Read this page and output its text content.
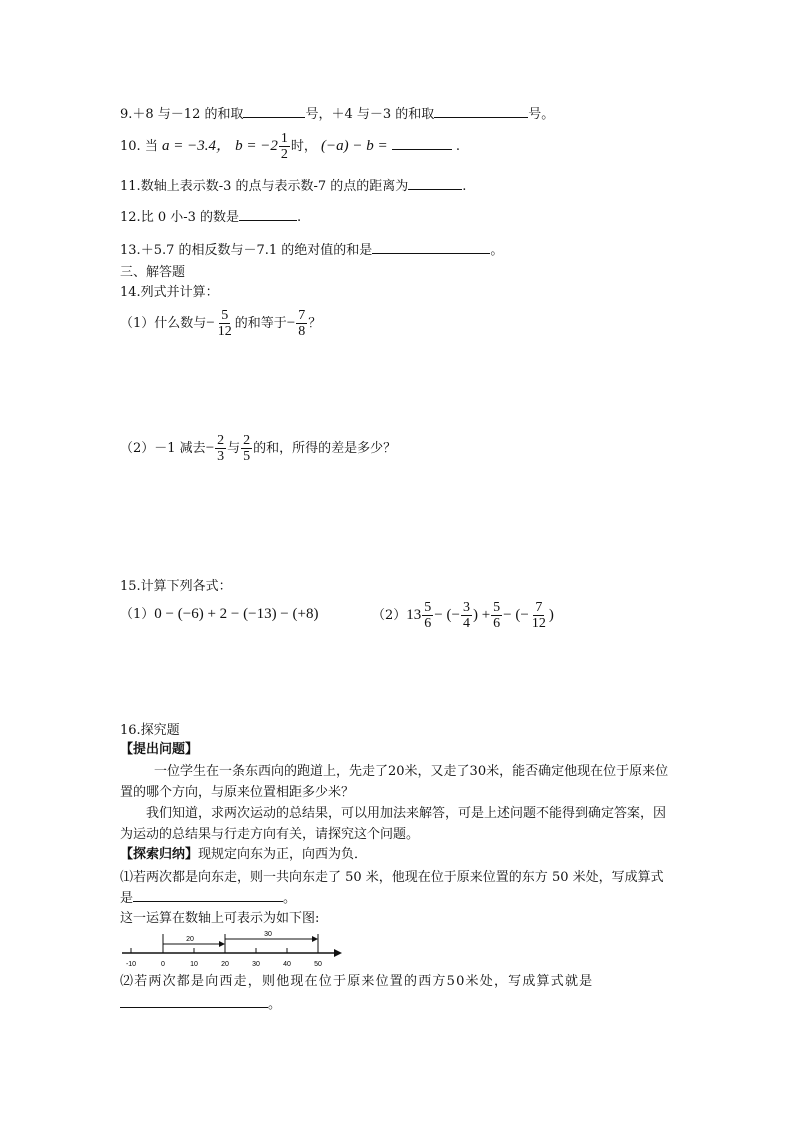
9.＋8 与－12 的和取	号，＋4 与－3 的和取	号。
10. 当 a = −3.4， $b = -2 \frac{1}{2}$ 时， (−a) − b =	.
11.数轴上表示数-3 的点与表示数-7 的点的距离为	.
12.比 0 小-3 的数是	.
13.＋5.7 的相反数与－7.1 的绝对值的和是	。
三、解答题
14.列式并计算：
（1）什么数与− $\frac{5}{12}$ 的和等于− $\frac{7}{8}$ ？
（2）－1 减去− $\frac{2}{3}$ 与 $\frac{2}{5}$ 的和，所得的差是多少？
15.计算下列各式：
（1）0 − (−6) + 2 − (−13) − (+8)	$(2)13 \frac{5}{6}$ − (− $\frac{3}{4}$ ) + $\frac{5}{6}$ − (− $\frac{7}{12}$ )
16.探究题
【提出问题】
一位学生在一条东西向的跑道上，先走了20米，又走了30米，能否确定他现在位于原来位置的哪个方向，与原来位置相距多少米？
我们知道，求两次运动的总结果，可以用加法来解答，可是上述问题不能得到确定答案，因为运动的总结果与行走方向有关，请探究这个问题。
【探索归纳】现规定向东为正，向西为负．
⑴若两次都是向东走，则一共向东走了 50 米，他现在位于原来位置的东方 50 米处，写成算式是	。
这一运算在数轴上可表示为如下图:
20
30
-10	0	10	20	30	40	50
⑵若两次都是向西走，则他现在位于原来位置的西方50米处，写成算式就是
。
